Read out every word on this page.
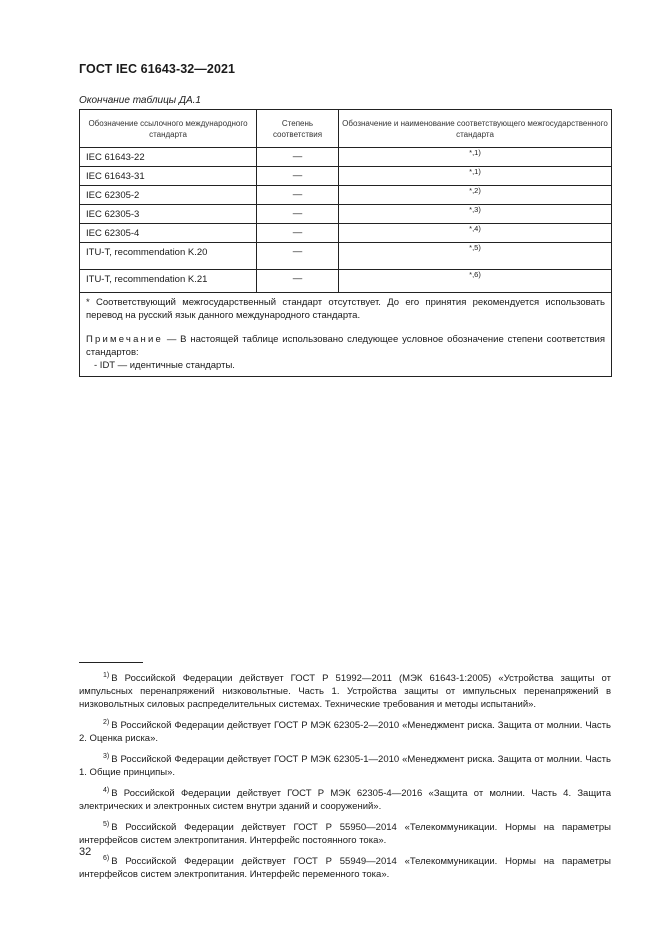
ГОСТ IEC 61643-32—2021
Окончание таблицы ДА.1
Обозначение ссылочного международного стандарта	Степень соответствия	Обозначение и наименование соответствующего межгосударственного стандарта
IEC 61643-22	—	*,1)
IEC 61643-31	—	*,1)
IEC 62305-2	—	*,2)
IEC 62305-3	—	*,3)
IEC 62305-4	—	*,4)
ITU-T, recommendation K.20	—	*,5)
ITU-T, recommendation K.21	—	*,6)

* Соответствующий межгосударственный стандарт отсутствует. До его принятия рекомендуется использовать перевод на русский язык данного международного стандарта.

Примечание — В настоящей таблице использовано следующее условное обозначение степени соответствия стандартов:

- IDT — идентичные стандарты.		

$^{1)}$ В Российской Федерации действует ГОСТ Р 51992—2011 (МЭК 61643-1:2005) «Устройства защиты от импульсных перенапряжений низковольтные. Часть 1. Устройства защиты от импульсных перенапряжений в низковольтных силовых распределительных системах. Технические требования и методы испытаний».

$^{2)}$ В Российской Федерации действует ГОСТ Р МЭК 62305-2—2010 «Менеджмент риска. Защита от молнии. Часть 2. Оценка риска».

$^{3)}$ В Российской Федерации действует ГОСТ Р МЭК 62305-1—2010 «Менеджмент риска. Защита от молнии. Часть 1. Общие принципы».

$^{4)}$ В Российской Федерации действует ГОСТ Р МЭК 62305-4—2016 «Защита от молнии. Часть 4. Защита электрических и электронных систем внутри зданий и сооружений».

$^{5)}$ В Российской Федерации действует ГОСТ Р 55950—2014 «Телекоммуникации. Нормы на параметры интерфейсов систем электропитания. Интерфейс постоянного тока».

$^{6)}$ В Российской Федерации действует ГОСТ Р 55949—2014 «Телекоммуникации. Нормы на параметры интерфейсов систем электропитания. Интерфейс переменного тока».

32
